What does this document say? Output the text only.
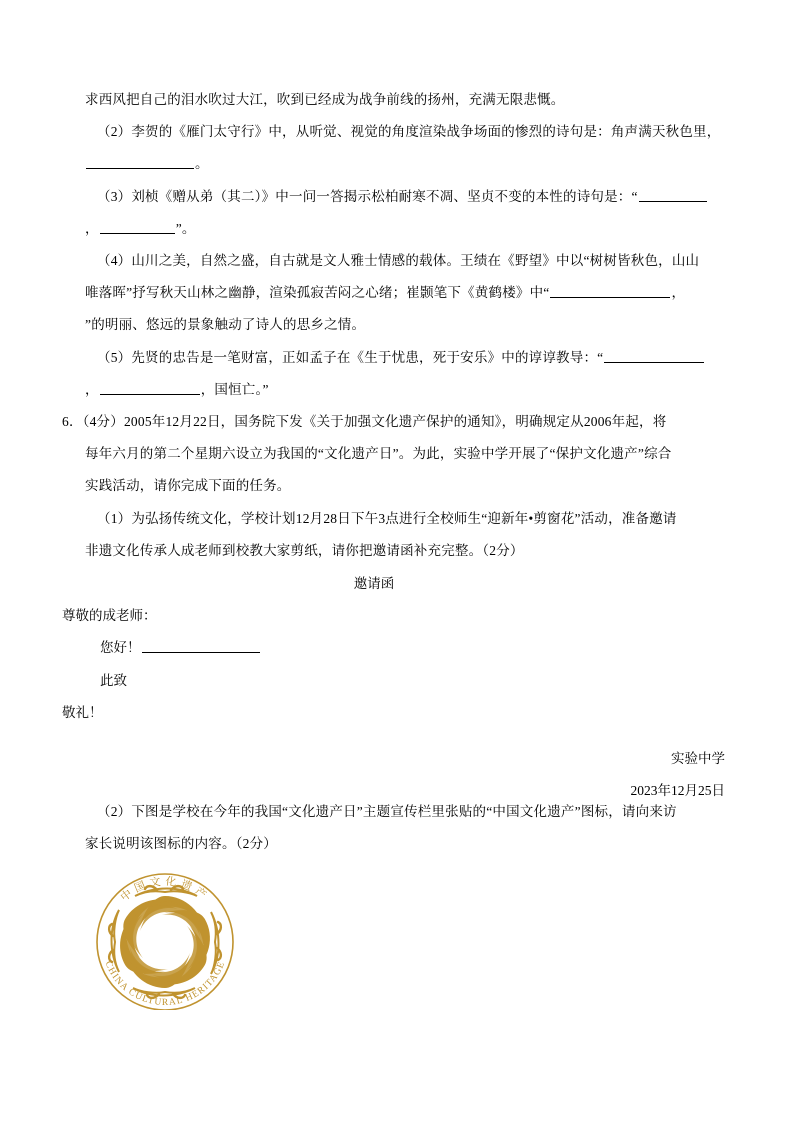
求西风把自己的泪水吹过大江，吹到已经成为战争前线的扬州，充满无限悲慨。
（2）李贺的《雁门太守行》中，从听觉、视觉的角度渲染战争场面的惨烈的诗句是：角声满天秋色里，
。
（3）刘桢《赠从弟（其二）》中一问一答揭示松柏耐寒不凋、坚贞不变的本性的诗句是：“
，	”。
（4）山川之美，自然之盛，自古就是文人雅士情感的载体。王绩在《野望》中以“树树皆秋色，山山
唯落晖”抒写秋天山林之幽静，渲染孤寂苦闷之心绪；崔颢笔下《黄鹤楼》中“	，
”的明丽、悠远的景象触动了诗人的思乡之情。
（5）先贤的忠告是一笔财富，正如孟子在《生于忧患，死于安乐》中的谆谆教导：“
，	，国恒亡。”
6．（4分）2005年12月22日，国务院下发《关于加强文化遗产保护的通知》，明确规定从2006年起，将
每年六月的第二个星期六设立为我国的“文化遗产日”。为此，实验中学开展了“保护文化遗产”综合
实践活动，请你完成下面的任务。
（1）为弘扬传统文化，学校计划12月28日下午3点进行全校师生“迎新年•剪窗花”活动，准备邀请
非遗文化传承人成老师到校教大家剪纸，请你把邀请函补充完整。（2分）
邀请函
尊敬的成老师：
您好！
此致
敬礼！
实验中学
2023年12月25日
（2）下图是学校在今年的我国“文化遗产日”主题宣传栏里张贴的“中国文化遗产”图标，请向来访
家长说明该图标的内容。（2分）
中国文化遗产
CHINA CULTURAL HERITAGE
